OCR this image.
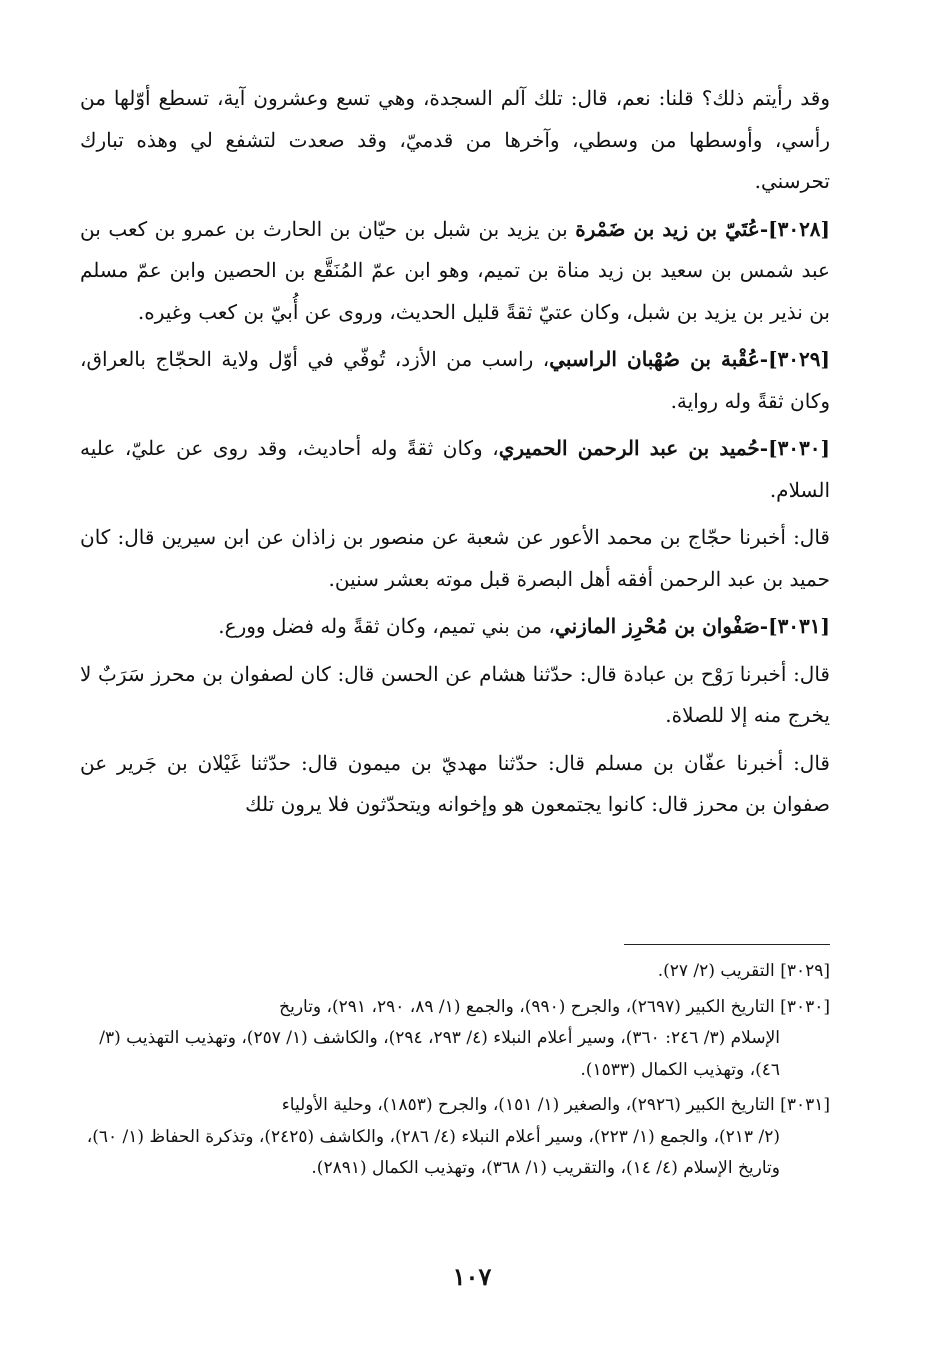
وقد رأيتم ذلك؟ قلنا: نعم، قال: تلك آلم السجدة، وهي تسع وعشرون آية، تسطع أوّلها من رأسي، وأوسطها من وسطي، وآخرها من قدميّ، وقد صعدت لتشفع لي وهذه تبارك تحرسني.

[٣٠٢٨]-عُتَيّ بن زيد بن ضَمْرة بن يزيد بن شبل بن حيّان بن الحارث بن عمرو بن كعب بن عبد شمس بن سعيد بن زيد مناة بن تميم، وهو ابن عمّ المُنَقَّع بن الحصين وابن عمّ مسلم بن نذير بن يزيد بن شبل، وكان عتيّ ثقةً قليل الحديث، وروى عن أُبيّ بن كعب وغيره.

[٣٠٢٩]-عُقْبة بن صُهْبان الراسبي، راسب من الأزد، تُوفّي في أوّل ولاية الحجّاج بالعراق، وكان ثقةً وله رواية.

[٣٠٣٠]-حُميد بن عبد الرحمن الحميري، وكان ثقةً وله أحاديث، وقد روى عن عليّ، عليه السلام.

قال: أخبرنا حجّاج بن محمد الأعور عن شعبة عن منصور بن زاذان عن ابن سيرين قال: كان حميد بن عبد الرحمن أفقه أهل البصرة قبل موته بعشر سنين.

[٣٠٣١]-صَفْوان بن مُحْرِز المازني، من بني تميم، وكان ثقةً وله فضل وورع.

قال: أخبرنا رَوْح بن عبادة قال: حدّثنا هشام عن الحسن قال: كان لصفوان بن محرز سَرَبٌ لا يخرج منه إلا للصلاة.

قال: أخبرنا عفّان بن مسلم قال: حدّثنا مهديّ بن ميمون قال: حدّثنا غَيْلان بن جَرير عن صفوان بن محرز قال: كانوا يجتمعون هو وإخوانه ويتحدّثون فلا يرون تلك

[٣٠٢٩] التقريب (٢/ ٢٧).

[٣٠٣٠] التاريخ الكبير (٢٦٩٧)، والجرح (٩٩٠)، والجمع (١/ ٨٩، ٢٩٠، ٢٩١)، وتاريخ
الإسلام (٣/ ٢٤٦: ٣٦٠)، وسير أعلام النبلاء (٤/ ٢٩٣، ٢٩٤)، والكاشف (١/ ٢٥٧)، وتهذيب التهذيب (٣/ ٤٦)، وتهذيب الكمال (١٥٣٣).

[٣٠٣١] التاريخ الكبير (٢٩٢٦)، والصغير (١/ ١٥١)، والجرح (١٨٥٣)، وحلية الأولياء
(٢/ ٢١٣)، والجمع (١/ ٢٢٣)، وسير أعلام النبلاء (٤/ ٢٨٦)، والكاشف (٢٤٢٥)، وتذكرة الحفاظ (١/ ٦٠)، وتاريخ الإسلام (٤/ ١٤)، والتقريب (١/ ٣٦٨)، وتهذيب الكمال (٢٨٩١).

١٠٧
